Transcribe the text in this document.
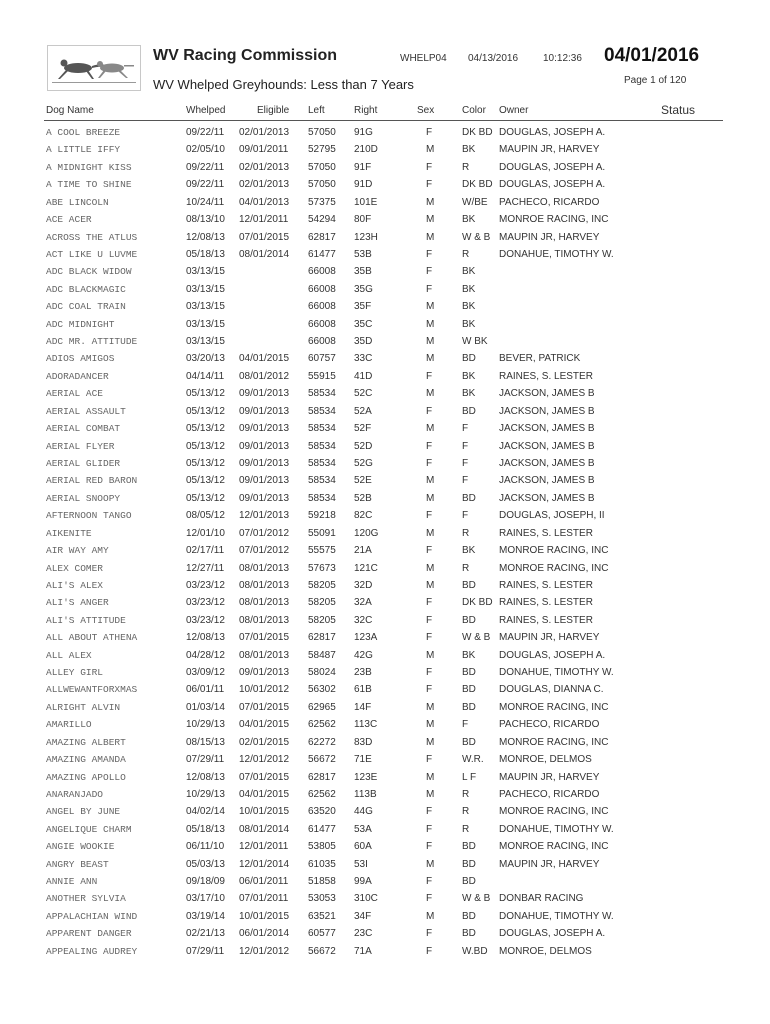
WV Racing Commission
WV Whelped Greyhounds: Less than 7 Years
WHELP04 04/13/2016 10:12:36 04/01/2016
Page 1 of 120
Dog Name	Whelped	Eligible Left	Right	Sex	Color Owner	Status
A COOL BREEZE	09/22/11 02/01/2013 57050 91G	F	DK BD DOUGLAS, JOSEPH A.
A LITTLE IFFY	02/05/10 09/01/2011 52795 210D	M	BK	MAUPIN JR, HARVEY
A MIDNIGHT KISS	09/22/11 02/01/2013 57050 91F	F	R	DOUGLAS, JOSEPH A.
A TIME TO SHINE	09/22/11 02/01/2013 57050 91D	F	DK BD DOUGLAS, JOSEPH A.
ABE LINCOLN	10/24/11 04/01/2013 57375 101E	M	W/BE	PACHECO, RICARDO
ACE ACER	08/13/10 12/01/2011 54294 80F	M	BK	MONROE RACING, INC
ACROSS THE ATLUS	12/08/13 07/01/2015 62817 123H	M	W & B MAUPIN JR, HARVEY
ACT LIKE U LUVME	05/18/13 08/01/2014 61477 53B	F	R	DONAHUE, TIMOTHY W.
ADC BLACK WIDOW	03/13/15	66008 35B	F	BK
ADC BLACKMAGIC	03/13/15	66008 35G	F	BK
ADC COAL TRAIN	03/13/15	66008 35F	M	BK
ADC MIDNIGHT	03/13/15	66008 35C	M	BK
ADC MR. ATTITUDE	03/13/15	66008 35D	M	W BK
ADIOS AMIGOS	03/20/13 04/01/2015 60757 33C	M	BD	BEVER, PATRICK
ADORADANCER	04/14/11 08/01/2012 55915 41D	F	BK	RAINES, S. LESTER
AERIAL ACE	05/13/12 09/01/2013 58534 52C	M	BK	JACKSON, JAMES B
AERIAL ASSAULT	05/13/12 09/01/2013 58534 52A	F	BD	JACKSON, JAMES B
AERIAL COMBAT	05/13/12 09/01/2013 58534 52F	M	F	JACKSON, JAMES B
AERIAL FLYER	05/13/12 09/01/2013 58534 52D	F	F	JACKSON, JAMES B
AERIAL GLIDER	05/13/12 09/01/2013 58534 52G	F	F	JACKSON, JAMES B
AERIAL RED BARON	05/13/12 09/01/2013 58534 52E	M	F	JACKSON, JAMES B
AERIAL SNOOPY	05/13/12 09/01/2013 58534 52B	M	BD	JACKSON, JAMES B
AFTERNOON TANGO	08/05/12 12/01/2013 59218 82C	F	F	DOUGLAS, JOSEPH, II
AIKENITE	12/01/10 07/01/2012 55091 120G	M	R	RAINES, S. LESTER
AIR WAY AMY	02/17/11 07/01/2012 55575 21A	F	BK	MONROE RACING, INC
ALEX COMER	12/27/11 08/01/2013 57673 121C	M	R	MONROE RACING, INC
ALI'S ALEX	03/23/12 08/01/2013 58205 32D	M	BD	RAINES, S. LESTER
ALI'S ANGER	03/23/12 08/01/2013 58205 32A	F	DK BD RAINES, S. LESTER
ALI'S ATTITUDE	03/23/12 08/01/2013 58205 32C	F	BD	RAINES, S. LESTER
ALL ABOUT ATHENA	12/08/13 07/01/2015 62817 123A	F	W & B MAUPIN JR, HARVEY
ALL ALEX	04/28/12 08/01/2013 58487 42G	M	BK	DOUGLAS, JOSEPH A.
ALLEY GIRL	03/09/12 09/01/2013 58024 23B	F	BD	DONAHUE, TIMOTHY W.
ALLWEWANTFORXMAS	06/01/11 10/01/2012 56302 61B	F	BD	DOUGLAS, DIANNA C.
ALRIGHT ALVIN	01/03/14 07/01/2015 62965 14F	M	BD	MONROE RACING, INC
AMARILLO	10/29/13 04/01/2015 62562 113C	M	F	PACHECO, RICARDO
AMAZING ALBERT	08/15/13 02/01/2015 62272 83D	M	BD	MONROE RACING, INC
AMAZING AMANDA	07/29/11 12/01/2012 56672 71E	F	W.R.	MONROE, DELMOS
AMAZING APOLLO	12/08/13 07/01/2015 62817 123E	M	L F	MAUPIN JR, HARVEY
ANARANJADO	10/29/13 04/01/2015 62562 113B	M	R	PACHECO, RICARDO
ANGEL BY JUNE	04/02/14 10/01/2015 63520 44G	F	R	MONROE RACING, INC
ANGELIQUE CHARM	05/18/13 08/01/2014 61477 53A	F	R	DONAHUE, TIMOTHY W.
ANGIE WOOKIE	06/11/10 12/01/2011 53805 60A	F	BD	MONROE RACING, INC
ANGRY BEAST	05/03/13 12/01/2014 61035 53I	M	BD	MAUPIN JR, HARVEY
ANNIE ANN	09/18/09 06/01/2011 51858 99A	F	BD
ANOTHER SYLVIA	03/17/10 07/01/2011 53053 310C	F	W & B DONBAR RACING
APPALACHIAN WIND	03/19/14 10/01/2015 63521 34F	M	BD	DONAHUE, TIMOTHY W.
APPARENT DANGER	02/21/13 06/01/2014 60577 23C	F	BD	DOUGLAS, JOSEPH A.
APPEALING AUDREY	07/29/11 12/01/2012 56672 71A	F	W.BD	MONROE, DELMOS
